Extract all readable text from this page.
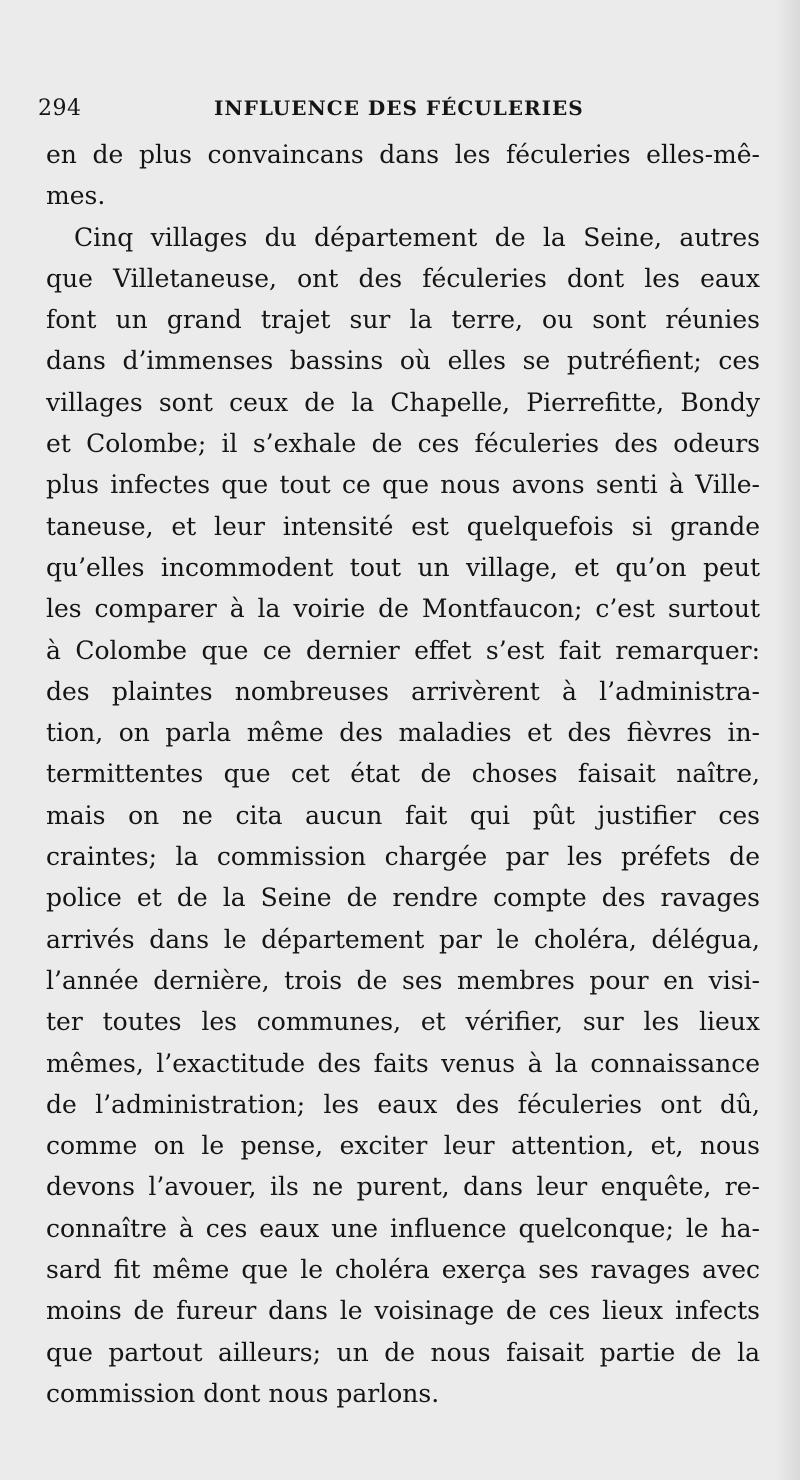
294	INFLUENCE DES FÉCULERIES
en de plus convaincans dans les féculeries elles-mê-
mes.
Cinq villages du département de la Seine, autres
que Villetaneuse, ont des féculeries dont les eaux
font un grand trajet sur la terre, ou sont réunies
dans d’immenses bassins où elles se putréfient; ces
villages sont ceux de la Chapelle, Pierrefitte, Bondy
et Colombe; il s’exhale de ces féculeries des odeurs
plus infectes que tout ce que nous avons senti à Ville-
taneuse, et leur intensité est quelquefois si grande
qu’elles incommodent tout un village, et qu’on peut
les comparer à la voirie de Montfaucon; c’est surtout
à Colombe que ce dernier effet s’est fait remarquer:
des plaintes nombreuses arrivèrent à l’administra-
tion, on parla même des maladies et des fièvres in-
termittentes que cet état de choses faisait naître,
mais on ne cita aucun fait qui pût justifier ces
craintes; la commission chargée par les préfets de
police et de la Seine de rendre compte des ravages
arrivés dans le département par le choléra, délégua,
l’année dernière, trois de ses membres pour en visi-
ter toutes les communes, et vérifier, sur les lieux
mêmes, l’exactitude des faits venus à la connaissance
de l’administration; les eaux des féculeries ont dû,
comme on le pense, exciter leur attention, et, nous
devons l’avouer, ils ne purent, dans leur enquête, re-
connaître à ces eaux une influence quelconque; le ha-
sard fit même que le choléra exerça ses ravages avec
moins de fureur dans le voisinage de ces lieux infects
que partout ailleurs; un de nous faisait partie de la
commission dont nous parlons.
